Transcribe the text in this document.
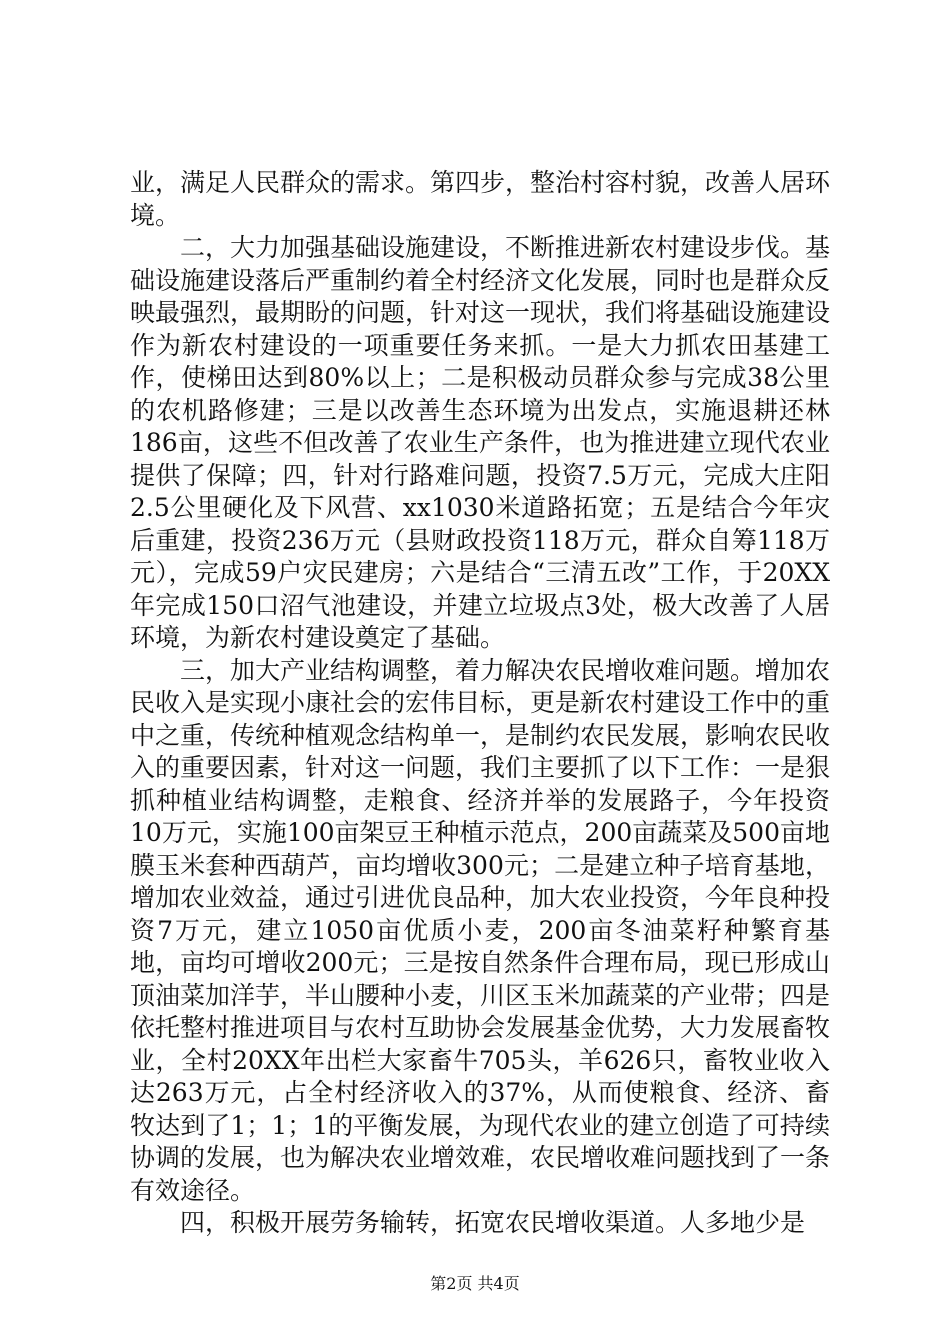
业，满足人民群众的需求。第四步，整治村容村貌，改善人居环境。

二，大力加强基础设施建设，不断推进新农村建设步伐。基础设施建设落后严重制约着全村经济文化发展，同时也是群众反映最强烈，最期盼的问题，针对这一现状，我们将基础设施建设作为新农村建设的一项重要任务来抓。一是大力抓农田基建工作，使梯田达到80%以上；二是积极动员群众参与完成38公里的农机路修建；三是以改善生态环境为出发点，实施退耕还林186亩，这些不但改善了农业生产条件，也为推进建立现代农业提供了保障；四，针对行路难问题，投资7.5万元，完成大庄阳2.5公里硬化及下风营、xx1030米道路拓宽；五是结合今年灾后重建，投资236万元（县财政投资118万元，群众自筹118万元），完成59户灾民建房；六是结合“三清五改”工作，于20XX年完成150口沼气池建设，并建立垃圾点3处，极大改善了人居环境，为新农村建设奠定了基础。

三，加大产业结构调整，着力解决农民增收难问题。增加农民收入是实现小康社会的宏伟目标，更是新农村建设工作中的重中之重，传统种植观念结构单一，是制约农民发展，影响农民收入的重要因素，针对这一问题，我们主要抓了以下工作：一是狠抓种植业结构调整，走粮食、经济并举的发展路子，今年投资10万元，实施100亩架豆王种植示范点，200亩蔬菜及500亩地膜玉米套种西葫芦，亩均增收300元；二是建立种子培育基地，增加农业效益，通过引进优良品种，加大农业投资，今年良种投资7万元，建立1050亩优质小麦，200亩冬油菜籽种繁育基地，亩均可增收200元；三是按自然条件合理布局，现已形成山顶油菜加洋芋，半山腰种小麦，川区玉米加蔬菜的产业带；四是依托整村推进项目与农村互助协会发展基金优势，大力发展畜牧业，全村20XX年出栏大家畜牛705头，羊626只，畜牧业收入达263万元，占全村经济收入的37%，从而使粮食、经济、畜牧达到了1；1；1的平衡发展，为现代农业的建立创造了可持续协调的发展，也为解决农业增效难，农民增收难问题找到了一条有效途径。

四，积极开展劳务输转，拓宽农民增收渠道。人多地少是

第2页 共4页
